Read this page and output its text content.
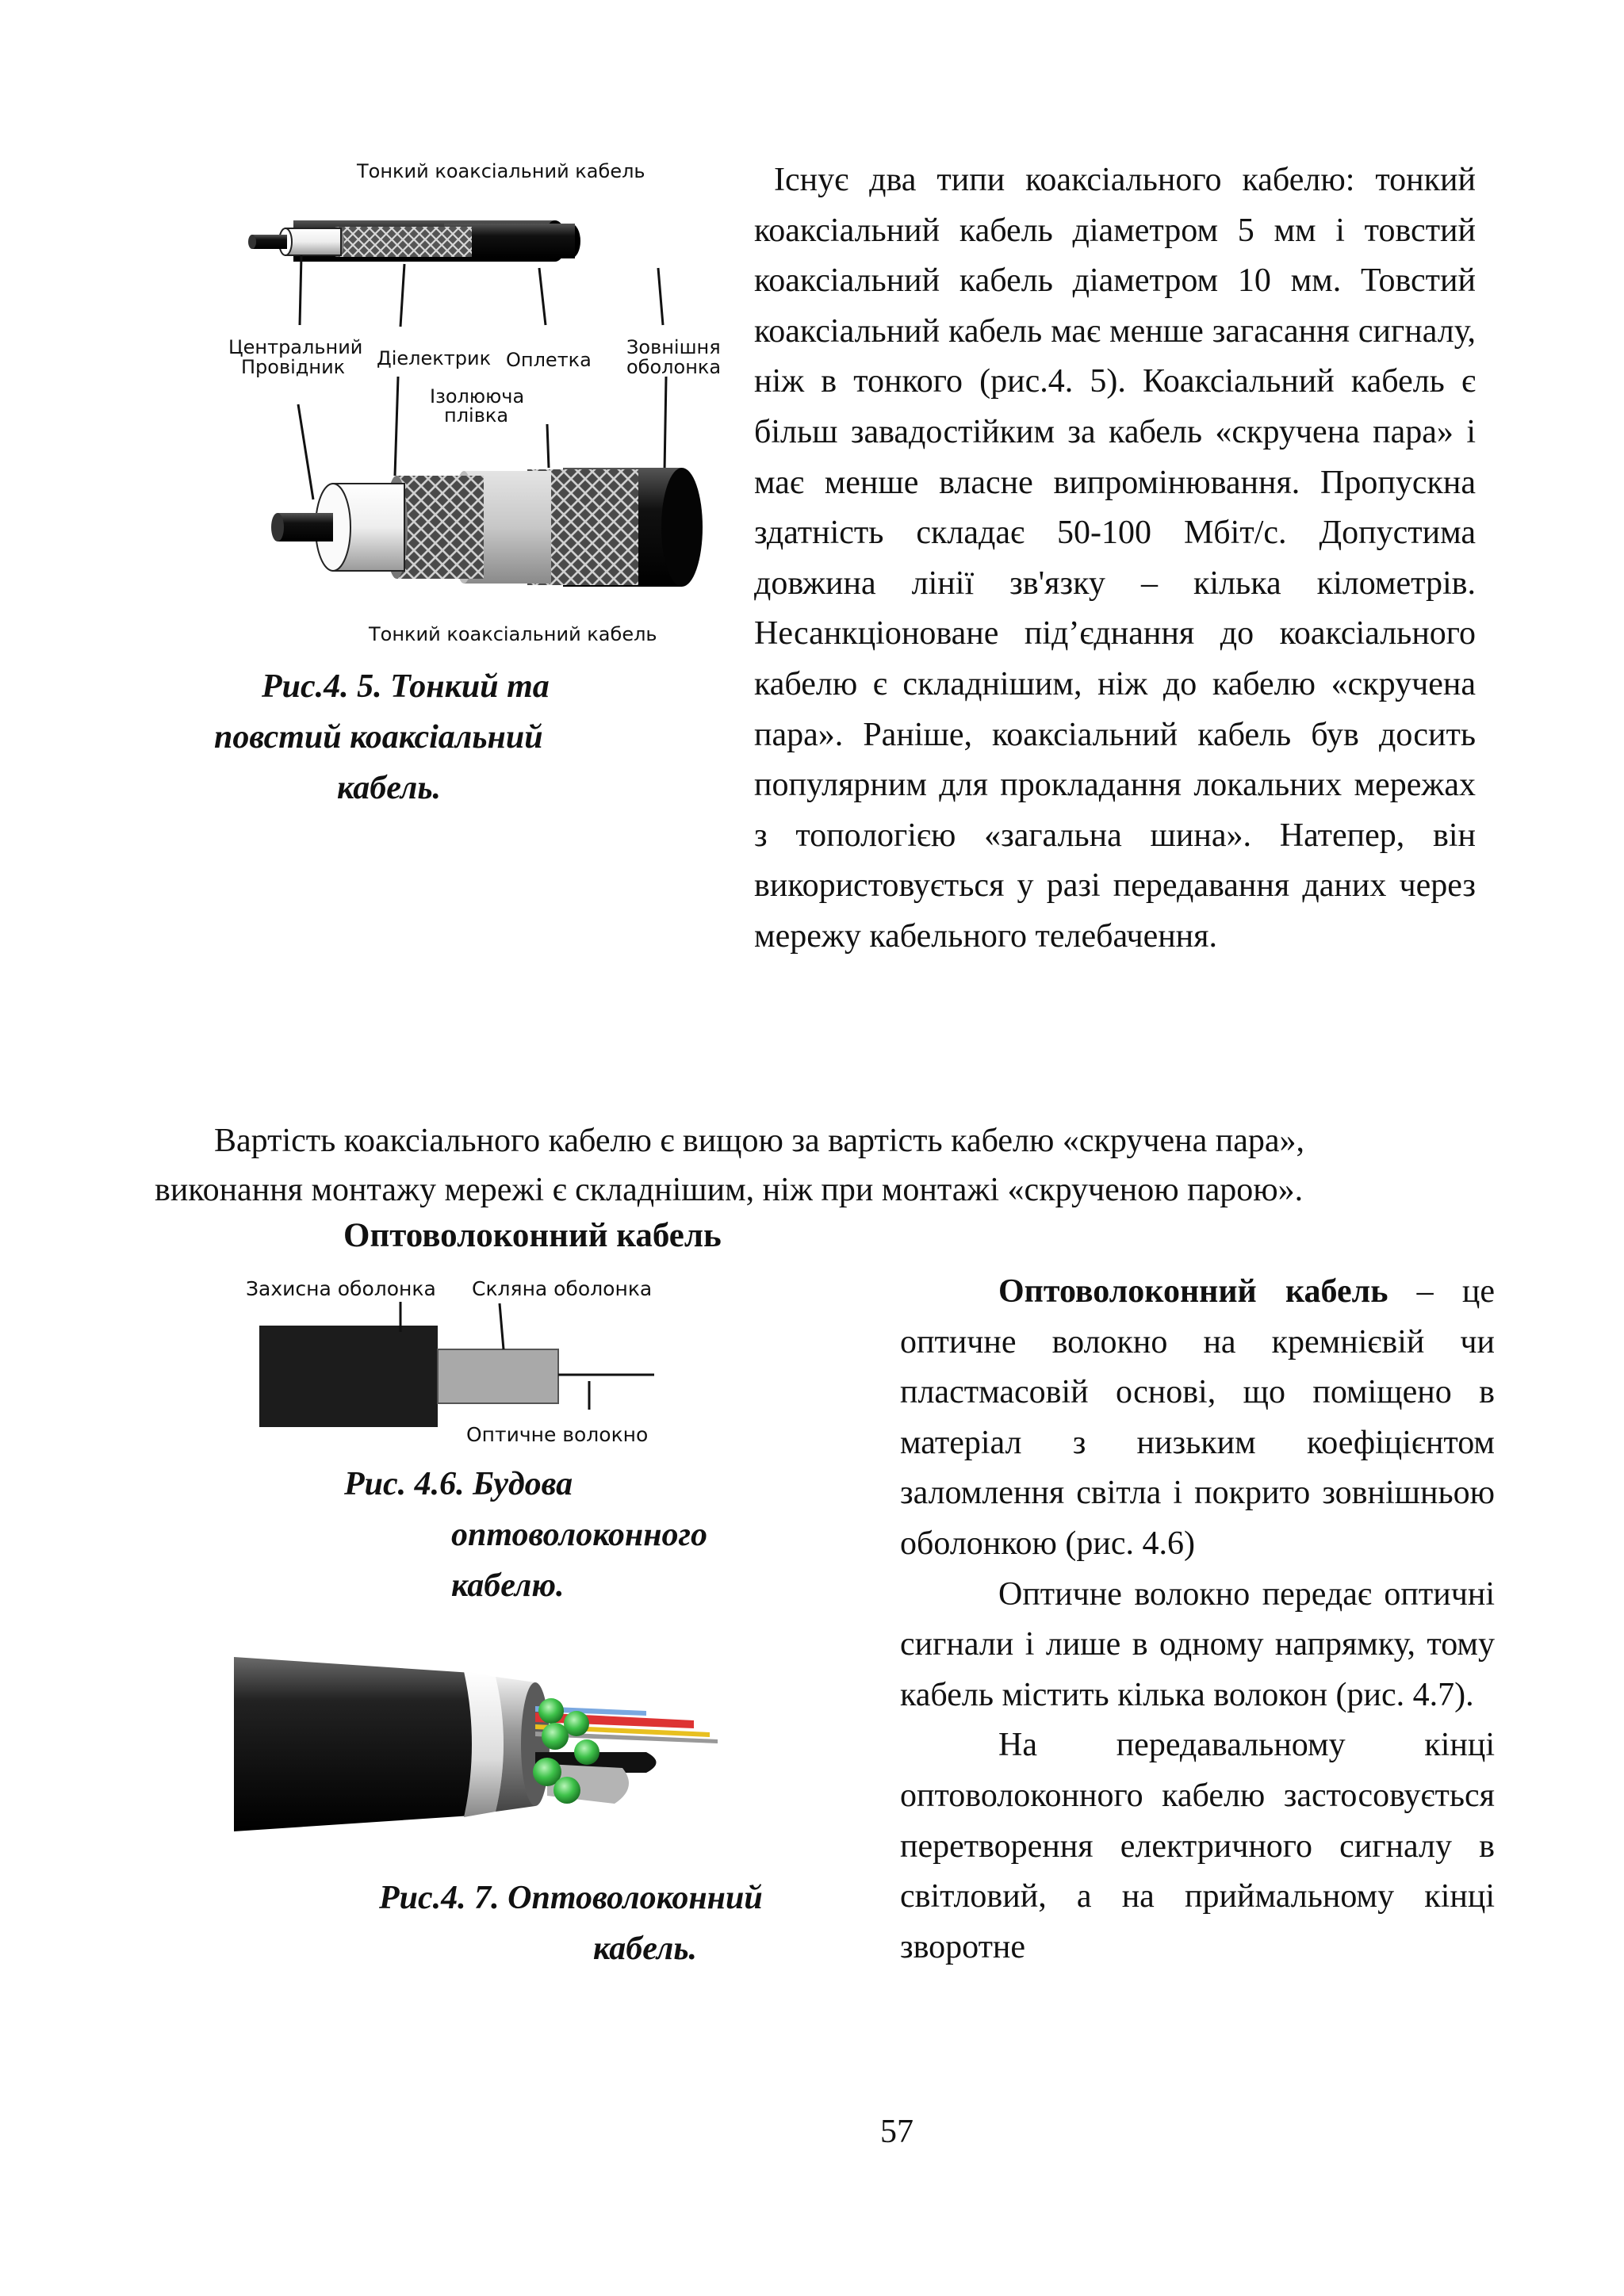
Тонкий коаксіальний кабель
Центральний
Провідник Діелектрик Оплетка
Зовнішня
оболонка
Ізолююча
плівка
Тонкий коаксіальний кабель
Рис.4. 5. Тонкий та
повстий коаксіальний
кабель.

Існує два типи коаксіального кабелю: тонкий коаксіальний кабель діаметром 5 мм і товстий коаксіальний кабель діаметром 10 мм. Товстий коаксіальний кабель має менше загасання сигналу, ніж в тонкого (рис.4. 5). Коаксіальний кабель є більш завадостійким за кабель «скручена пара» і має менше власне випромінювання. Пропускна здатність складає 50-100 Мбіт/с. Допустима довжина лінії зв'язку – кілька кілометрів. Несанкціоноване під’єднання до коаксіального кабелю є складнішим, ніж до кабелю «скручена пара». Раніше, коаксіальний кабель був досить популярним для прокладання локальних мережах з топологією «загальна шина». Натепер, він використовується у разі передавання даних через мережу кабельного телебачення.

Вартість коаксіального кабелю є вищою за вартість кабелю «скручена пара»,
виконання монтажу мережі є складнішим, ніж при монтажі «скрученою парою».
Оптоволоконний кабель
Захисна оболонка Скляна оболонка
Оптичне волокно
Рис. 4.6. Будова
оптоволоконного
кабелю.
Рис.4. 7. Оптоволоконний
кабель.

Оптоволоконний кабель – це оптичне волокно на кремнієвій чи пластмасовій основі, що поміщено в матеріал з низьким коефіцієнтом заломлення світла і покрито зовнішньою оболонкою (рис. 4.6)

Оптичне волокно передає оптичні сигнали і лише в одному напрямку, тому кабель містить кілька волокон (рис. 4.7).

На передавальному кінці оптоволоконного кабелю застосовується перетворення електричного сигналу в світловий, а на приймальному кінці зворотне

57
